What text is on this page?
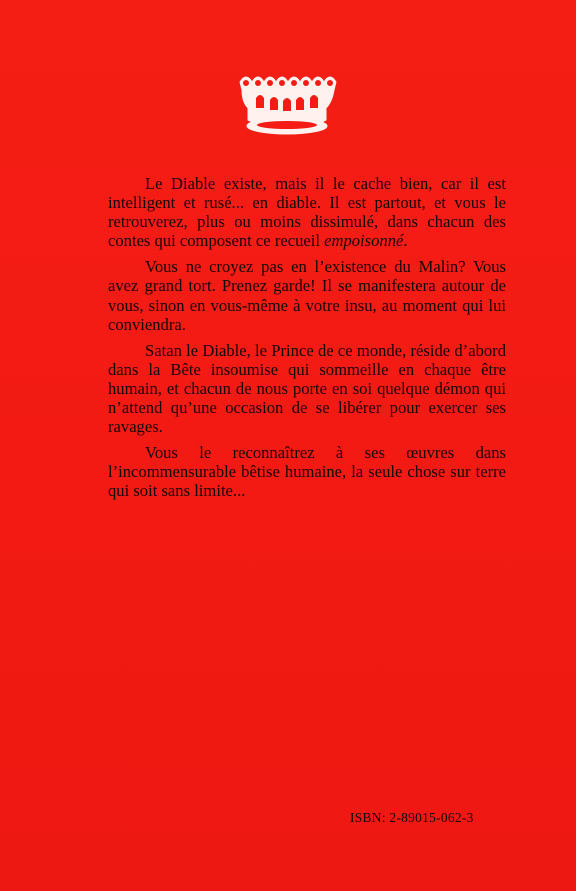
Le Diable existe, mais il le cache bien, car il est intelligent et rusé... en diable. Il est partout, et vous le retrouverez, plus ou moins dissimulé, dans chacun des contes qui composent ce recueil empoisonné.

Vous ne croyez pas en l’existence du Malin? Vous avez grand tort. Prenez garde! Il se manifestera autour de vous, sinon en vous-même à votre insu, au moment qui lui conviendra.

Satan le Diable, le Prince de ce monde, réside d’abord dans la Bête insoumise qui sommeille en chaque être humain, et chacun de nous porte en soi quelque démon qui n’attend qu’une occasion de se libérer pour exercer ses ravages.

Vous le reconnaîtrez à ses œuvres dans l’incommensurable bêtise humaine, la seule chose sur terre qui soit sans limite...

ISBN: 2-89015-062-3
